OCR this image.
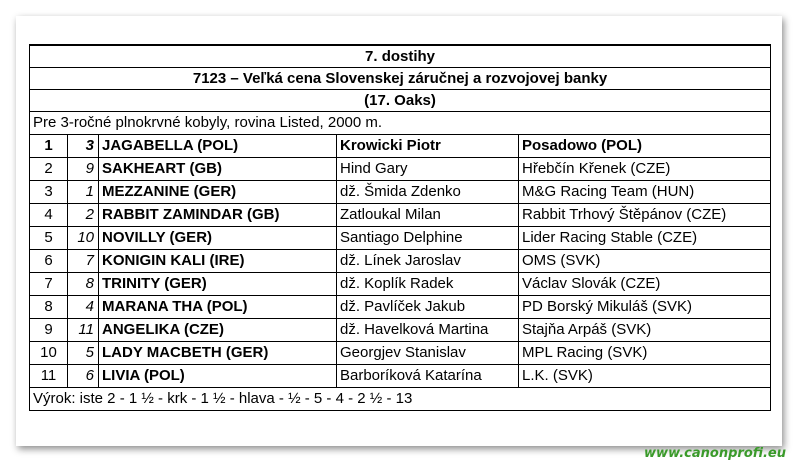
7. dostihy				
7123 – Veľká cena Slovenskej záručnej a rozvojovej banky				
(17. Oaks)				
Pre 3-ročné plnokrvné kobyly, rovina Listed, 2000 m.				
1	3	JAGABELLA (POL)	Krowicki Piotr	Posadowo (POL)
2	9	SAKHEART (GB)	Hind Gary	Hřebčín Křenek (CZE)
3	1	MEZZANINE (GER)	dž. Šmida Zdenko	M&G Racing Team (HUN)
4	2	RABBIT ZAMINDAR (GB)	Zatloukal Milan	Rabbit Trhový Štěpánov (CZE)
5	10	NOVILLY (GER)	Santiago Delphine	Lider Racing Stable (CZE)
6	7	KONIGIN KALI (IRE)	dž. Línek Jaroslav	OMS (SVK)
7	8	TRINITY (GER)	dž. Koplík Radek	Václav Slovák (CZE)
8	4	MARANA THA (POL)	dž. Pavlíček Jakub	PD Borský Mikuláš (SVK)
9	11	ANGELIKA (CZE)	dž. Havelková Martina	Stajňa Arpáš (SVK)
10	5	LADY MACBETH (GER)	Georgjev Stanislav	MPL Racing (SVK)
11	6	LIVIA (POL)	Barboríková Katarína	L.K. (SVK)
Výrok: iste 2 - 1 ½ - krk - 1 ½ - hlava - ½ - 5 - 4 - 2 ½ - 13				
www.canonprofi.eu
